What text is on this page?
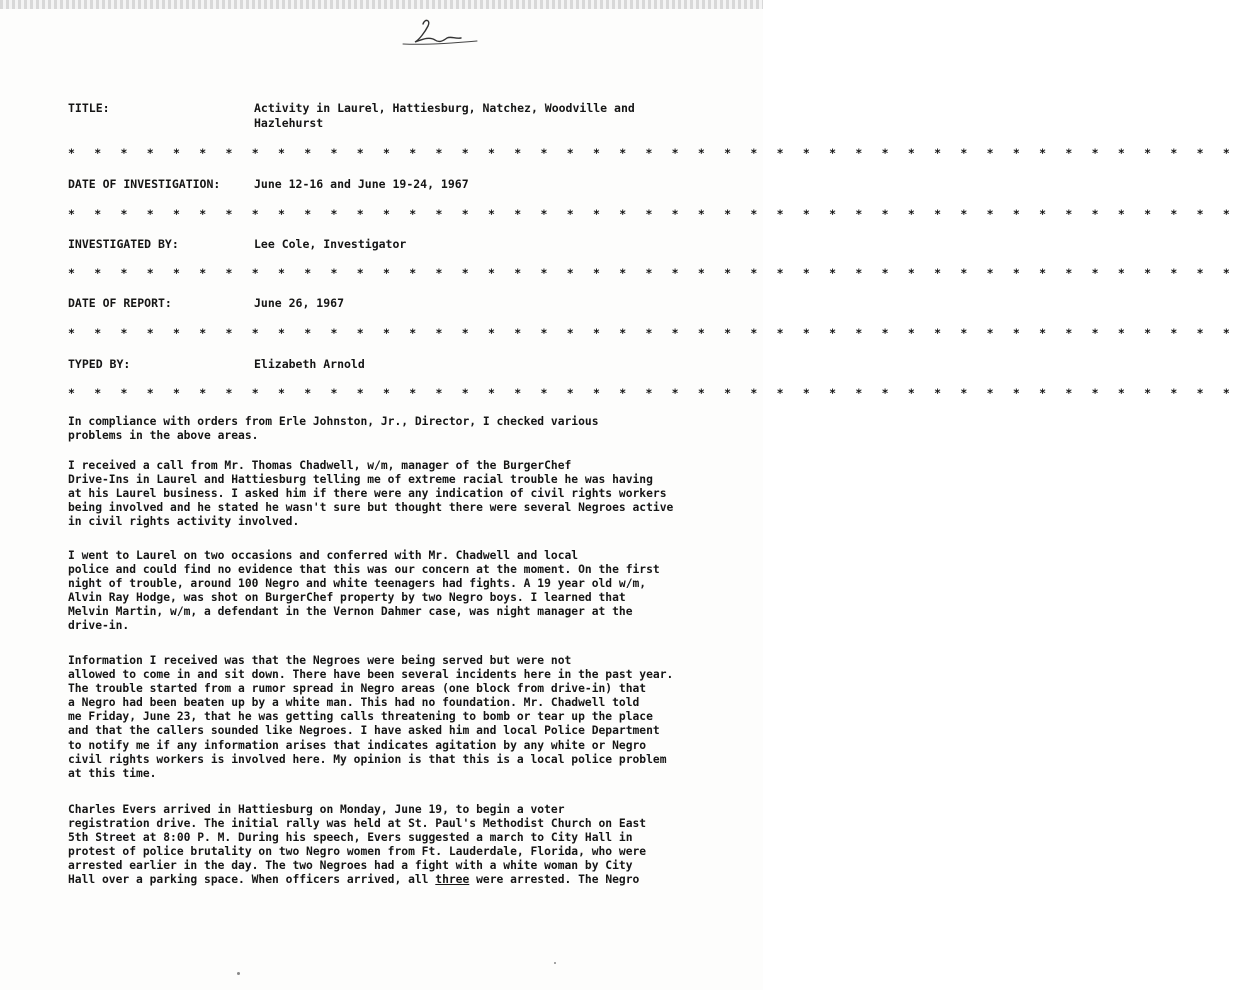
TITLE:	Activity in Laurel, Hattiesburg, Natchez, Woodville and
Hazlehurst
* * * * * * * * * * * * * * * * * * * * * * * * * * * * * * * * * * * * * * * * * * * * *
DATE OF INVESTIGATION:	June 12-16 and June 19-24, 1967
* * * * * * * * * * * * * * * * * * * * * * * * * * * * * * * * * * * * * * * * * * * * *
INVESTIGATED BY:	Lee Cole, Investigator
* * * * * * * * * * * * * * * * * * * * * * * * * * * * * * * * * * * * * * * * * * * * *
DATE OF REPORT:	June 26, 1967
* * * * * * * * * * * * * * * * * * * * * * * * * * * * * * * * * * * * * * * * * * * * *
TYPED BY:	Elizabeth Arnold
* * * * * * * * * * * * * * * * * * * * * * * * * * * * * * * * * * * * * * * * * * * * *
In compliance with orders from Erle Johnston, Jr., Director, I checked various
problems in the above areas.
I received a call from Mr. Thomas Chadwell, w/m, manager of the BurgerChef
Drive-Ins in Laurel and Hattiesburg telling me of extreme racial trouble he was having
at his Laurel business. I asked him if there were any indication of civil rights workers
being involved and he stated he wasn't sure but thought there were several Negroes active
in civil rights activity involved.
I went to Laurel on two occasions and conferred with Mr. Chadwell and local
police and could find no evidence that this was our concern at the moment. On the first
night of trouble, around 100 Negro and white teenagers had fights. A 19 year old w/m,
Alvin Ray Hodge, was shot on BurgerChef property by two Negro boys. I learned that
Melvin Martin, w/m, a defendant in the Vernon Dahmer case, was night manager at the
drive-in.
Information I received was that the Negroes were being served but were not
allowed to come in and sit down. There have been several incidents here in the past year.
The trouble started from a rumor spread in Negro areas (one block from drive-in) that
a Negro had been beaten up by a white man. This had no foundation. Mr. Chadwell told
me Friday, June 23, that he was getting calls threatening to bomb or tear up the place
and that the callers sounded like Negroes. I have asked him and local Police Department
to notify me if any information arises that indicates agitation by any white or Negro
civil rights workers is involved here. My opinion is that this is a local police problem
at this time.
Charles Evers arrived in Hattiesburg on Monday, June 19, to begin a voter
registration drive. The initial rally was held at St. Paul's Methodist Church on East
5th Street at 8:00 P. M. During his speech, Evers suggested a march to City Hall in
protest of police brutality on two Negro women from Ft. Lauderdale, Florida, who were
arrested earlier in the day. The two Negroes had a fight with a white woman by City
Hall over a parking space. When officers arrived, all three were arrested. The Negro
